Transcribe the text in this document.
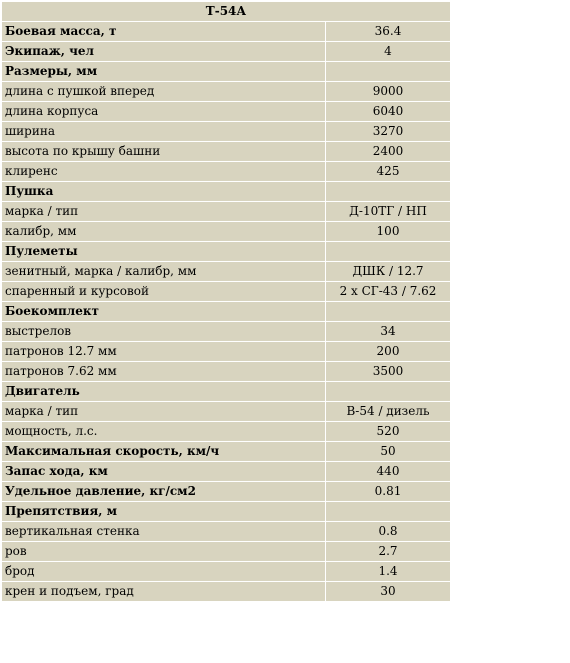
Т-54А	
Боевая масса, т	36.4
Экипаж, чел	4
Размеры, мм	
длина с пушкой вперед	9000
длина корпуса	6040
ширина	3270
высота по крышу башни	2400
клиренс	425
Пушка	
марка / тип	Д-10ТГ / НП
калибр, мм	100
Пулеметы	
зенитный, марка / калибр, мм	ДШК / 12.7
спаренный и курсовой	2 х СГ-43 / 7.62
Боекомплект	
выстрелов	34
патронов 12.7 мм	200
патронов 7.62 мм	3500
Двигатель	
марка / тип	В-54 / дизель
мощность, л.с.	520
Максимальная скорость, км/ч	50
Запас хода, км	440
Удельное давление, кг/см2	0.81
Препятствия, м	
вертикальная стенка	0.8
ров	2.7
брод	1.4
крен и подъем, град	30
